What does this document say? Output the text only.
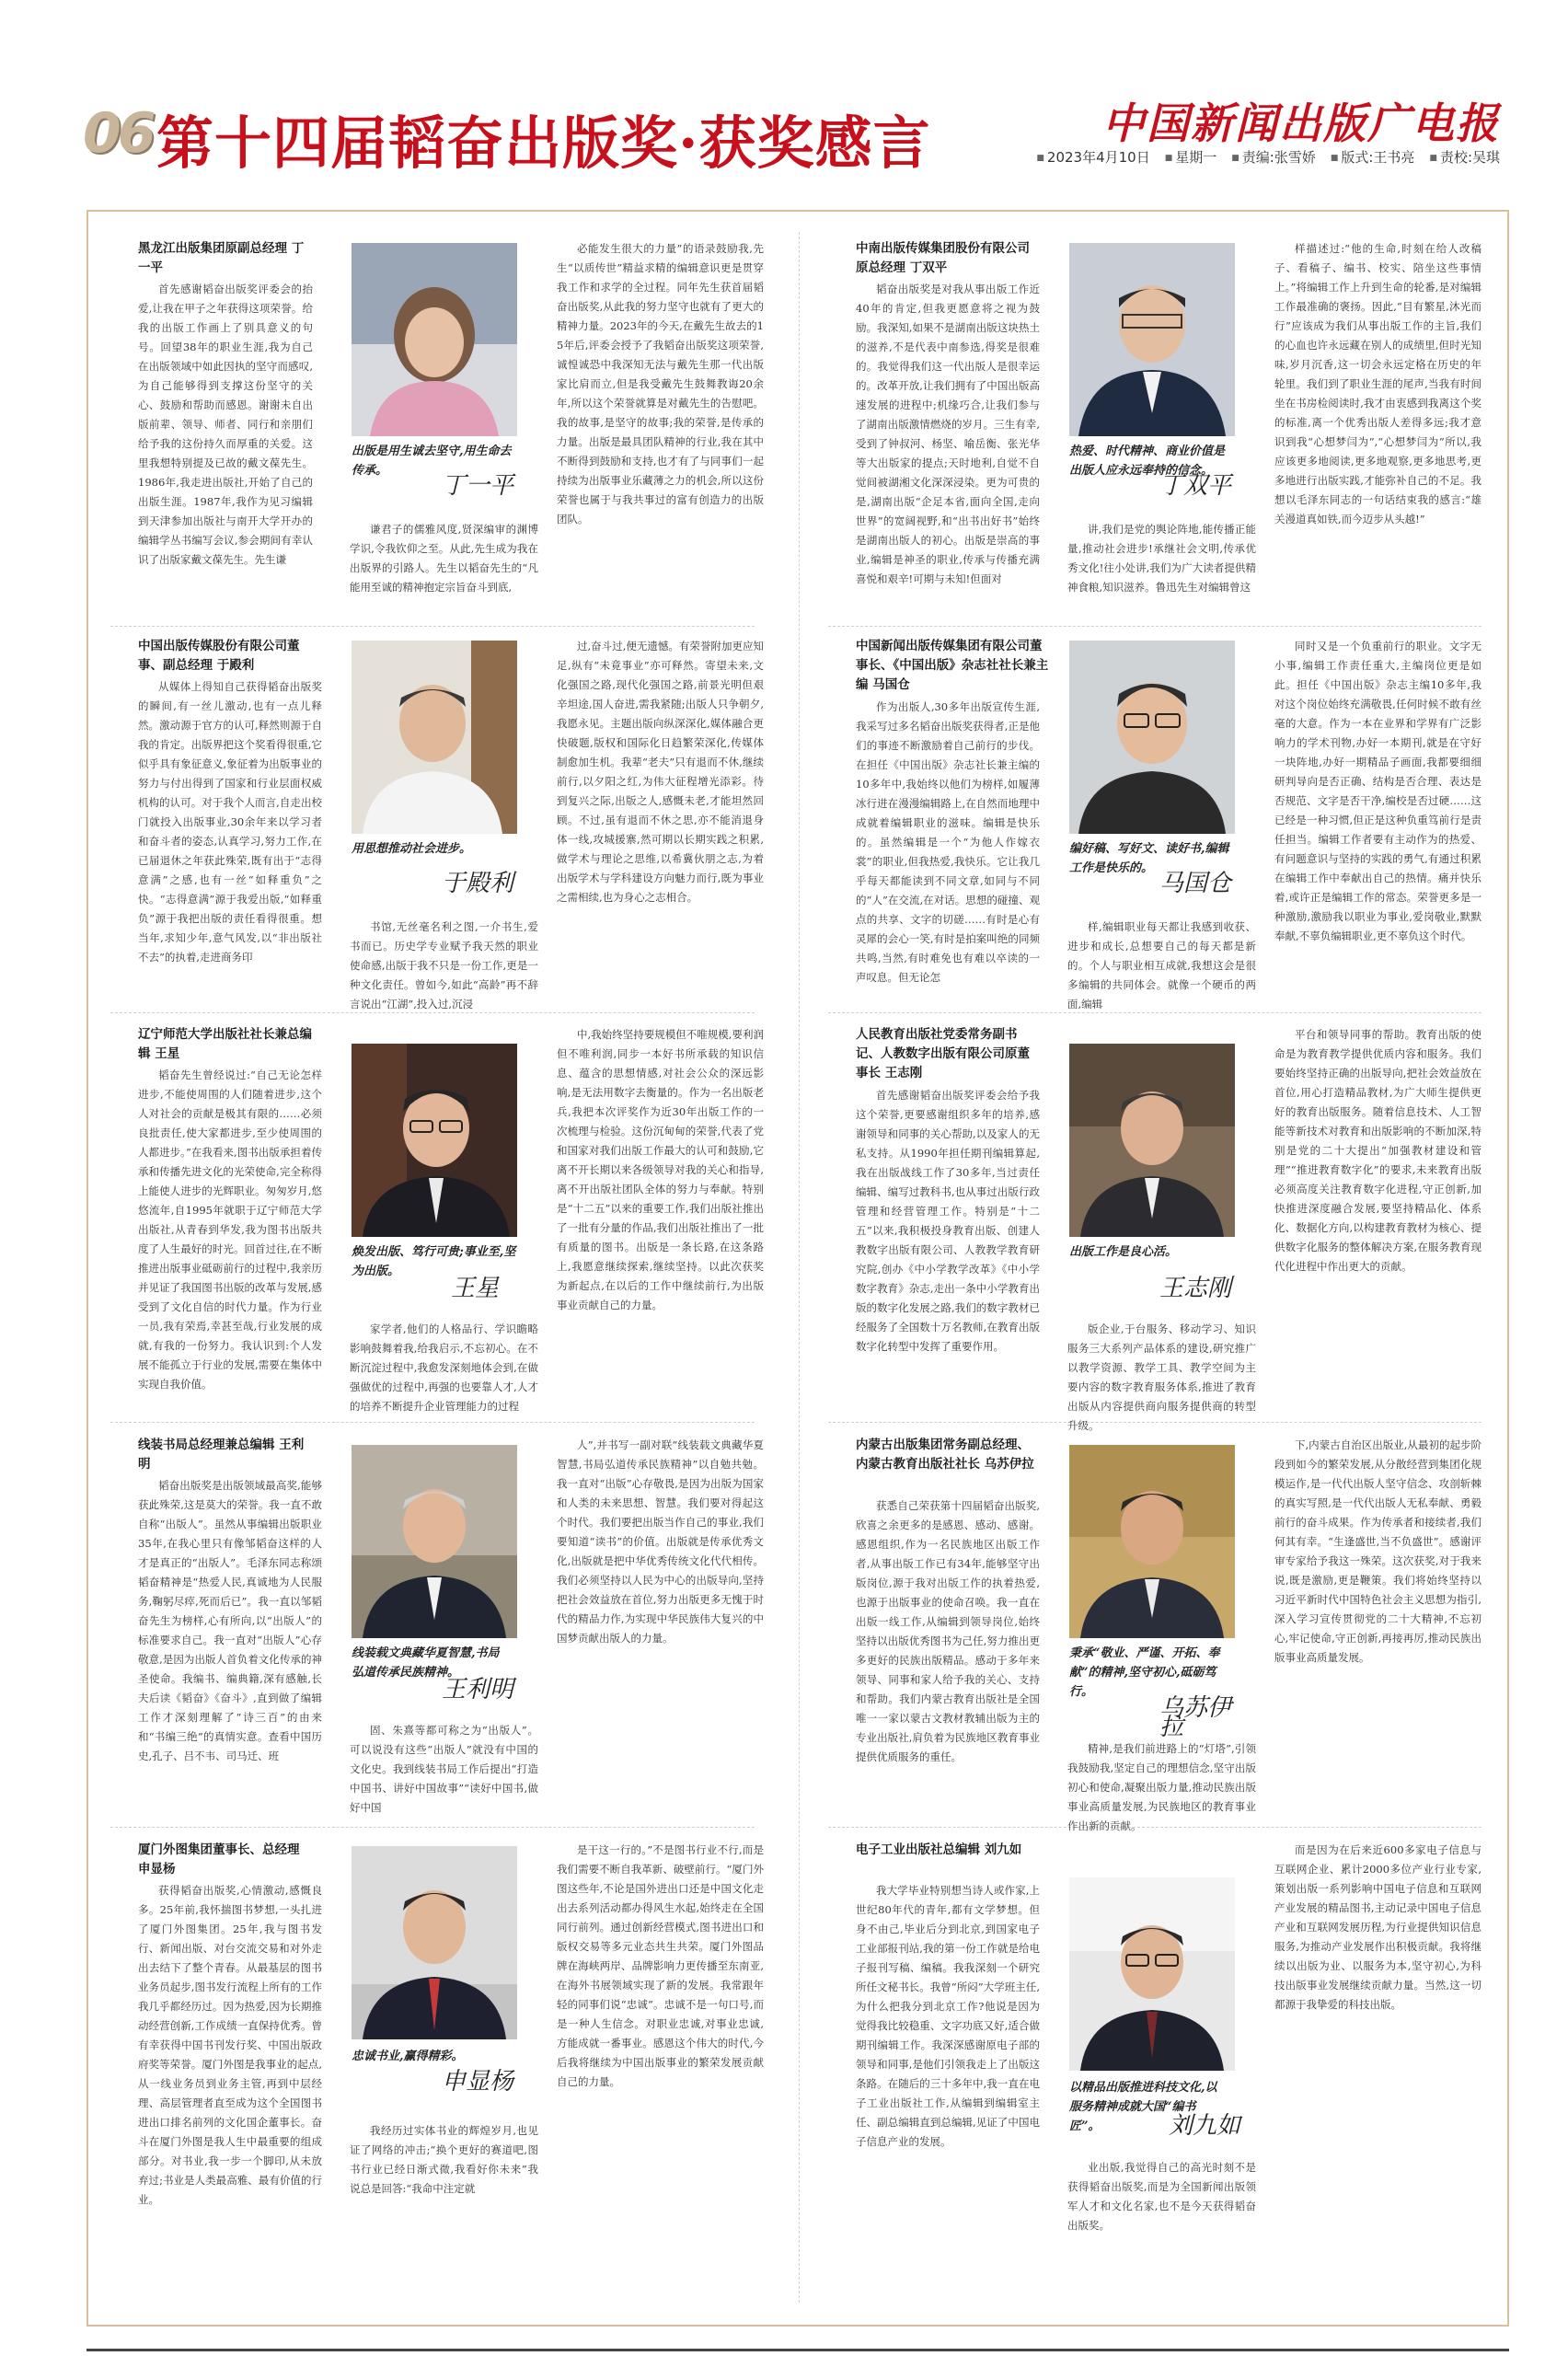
06 第十四届韬奋出版奖·获奖感言	中国新闻出版广电报
■ 2023年4月10日	■ 星期一	■ 责编:张雪娇	■ 版式:王书亮	■ 责校:吴琪
黑龙江出版集团原副总经理 丁一平
首先感谢韬奋出版奖评委会的抬爱,让我在甲子之年获得这项荣誉。给我的出版工作画上了别具意义的句号。回望38年的职业生涯,我为自己在出版领域中如此因执的坚守而感叹,为自己能够得到支撑这份坚守的关心、鼓励和帮助而感恩。谢谢未自出版前辈、领导、师者、同行和亲朋们给予我的这份持久而厚重的关爱。这里我想特别提及已故的戴文葆先生。1986年,我走进出版社,开始了自己的出版生涯。1987年,我作为见习编辑到天津参加出版社与南开大学开办的编辑学丛书编写会议,参会期间有幸认识了出版家戴文葆先生。先生谦
出版是用生诚去坚守,用生命去传承。
丁一平
谦君子的儒雅风度,贤深编审的渊博学识,令我钦仰之至。从此,先生成为我在出版界的引路人。先生以韬奋先生的“凡能用至诚的精神抱定宗旨奋斗到底,
必能发生很大的力量”的语录鼓励我,先生“以质传世”精益求精的编辑意识更是贯穿我工作和求学的全过程。同年先生获首届韬奋出版奖,从此我的努力坚守也就有了更大的精神力量。2023年的今天,在戴先生故去的15年后,评委会授予了我韬奋出版奖这项荣誉,诚惶诚恐中我深知无法与戴先生那一代出版家比肩而立,但是我受戴先生鼓舞教诲20余年,所以这个荣誉就算是对戴先生的告慰吧。我的故事,是坚守的故事;我的荣誉,是传承的力量。出版是最具团队精神的行业,我在其中不断得到鼓励和支持,也才有了与同事们一起持续为出版事业乐藏薄之力的机会,所以这份荣誉也属于与我共事过的富有创造力的出版团队。
中南出版传媒集团股份有限公司原总经理 丁双平
韬奋出版奖是对我从事出版工作近40年的肯定,但我更愿意将之视为鼓励。我深知,如果不是湖南出版这块热土的滋养,不是代表中南参选,得奖是很难的。我觉得我们这一代出版人是很幸运的。改革开放,让我们拥有了中国出版高速发展的进程中;机缘巧合,让我们参与了湖南出版激情燃烧的岁月。三生有幸,受到了钟叔河、杨坚、喻岳衡、张光华等大出版家的提点;天时地利,自觉不自觉间被湖湘文化深深浸染。更为可贵的是,湖南出版“企足本省,面向全国,走向世界”的宽阔视野,和“出书出好书”始终是湖南出版人的初心。出版是崇高的事业,编辑是神圣的职业,传承与传播充满喜悦和艰辛!可期与未知!但面对
热爱、时代精神、商业价值是出版人应永远奉持的信念。
丁双平
讲,我们是党的舆论阵地,能传播正能量,推动社会进步!承继社会文明,传承优秀文化!往小处讲,我们为广大读者提供精神食粮,知识滋养。鲁迅先生对编辑曾这
样描述过:“他的生命,时刻在给人改稿子、看稿子、编书、校实、陪坐这些事情上。”将编辑工作上升到生命的轮番,是对编辑工作最准确的褒扬。因此,“目有繁星,沐光而行”应该成为我们从事出版工作的主旨,我们的心血也许永远藏在别人的成绩里,但时光知味,岁月沉香,这一切会永远定格在历史的年轮里。我们到了职业生涯的尾声,当我有时间坐在书房检阅读时,我才由衷感到我离这个奖的标准,离一个优秀出版人差得多远;我才意识到我“心想梦闫为”,“心想梦闫为”所以,我应该更多地阅读,更多地观察,更多地思考,更多地进行出版实践,才能弥补自己的不足。我想以毛泽东同志的一句话结束我的感言:“雄关漫道真如铁,而今迈步从头越!”
中国出版传媒股份有限公司董事、副总经理 于殿利
从媒体上得知自己获得韬奋出版奖的瞬间,有一丝儿激动,也有一点儿释然。激动源于官方的认可,释然则源于自我的肯定。出版界把这个奖看得很重,它似乎具有象征意义,象征着为出版事业的努力与付出得到了国家和行业层面权威机构的认可。对于我个人而言,自走出校门就投入出版事业,30余年来以学习者和奋斗者的姿态,认真学习,努力工作,在已届退休之年获此殊荣,既有出于“志得意满”之感,也有一丝“如释重负”之快。“志得意满”源于我爱出版,“如释重负”源于我把出版的责任看得很重。想当年,求知少年,意气风发,以“非出版社不去”的执着,走进商务印
用思想推动社会进步。
于殿利
书馆,无丝毫名利之图,一介书生,爱书而已。历史学专业赋予我天然的职业使命感,出版于我不只是一份工作,更是一种文化责任。曾如今,如此“高龄”再不辞言说出“江湖”,投入过,沉浸
过,奋斗过,便无遗憾。有荣誉附加更应知足,纵有“未竟事业”亦可释然。寄望未来,文化强国之路,现代化强国之路,前景光明但艰辛坦途,国人奋进,需我紧随;出版人只争朝夕,我愿永见。主题出版向纵深深化,媒体融合更快破题,版权和国际化日趋繁荣深化,传媒体制愈加生机。我辈“老夫”只有退而不休,继续前行,以夕阳之红,为伟大征程增光添彩。待到复兴之际,出版之人,感慨未老,才能坦然回顾。不过,虽有退而不休之思,亦不能消退身体一线,攻城援寨,然可期以长期实践之积累,做学术与理论之思维,以希冀伙朋之志,为着出版学术与学科建设方向魅力而行,既为事业之需相续,也为身心之志相合。
中国新闻出版传媒集团有限公司董事长、《中国出版》杂志社社长兼主编 马国仓
作为出版人,30多年出版宣传生涯,我采写过多名韬奋出版奖获得者,正是他们的事迹不断激励着自己前行的步伐。在担任《中国出版》杂志社长兼主编的10多年中,我始终以他们为榜样,如履薄冰行进在漫漫编辑路上,在自然而地理中成就着编辑职业的滋味。编辑是快乐的。虽然编辑是一个“为他人作嫁衣裳”的职业,但我热爱,我快乐。它让我几乎每天都能读到不同文章,如同与不同的“人”在交流,在对话。思想的碰撞、观点的共享、文字的切磋……有时是心有灵犀的会心一笑,有时是拍案叫绝的同频共鸣,当然,有时难免也有难以卒读的一声叹息。但无论怎
编好稿、写好文、读好书,编辑工作是快乐的。
马国仓
样,编辑职业每天都让我感到收获、进步和成长,总想要自己的每天都是新的。个人与职业相互成就,我想这会是很多编辑的共同体会。就像一个硬币的两面,编辑
同时又是一个负重前行的职业。文字无小事,编辑工作责任重大,主编岗位更是如此。担任《中国出版》杂志主编10多年,我对这个岗位始终充满敬畏,任何时候不敢有丝毫的大意。作为一本在业界和学界有广泛影响力的学术刊物,办好一本期刊,就是在守好一块阵地,办好一期精品子画面,我都要细细研判导向是否正确、结构是否合理、表达是否规范、文字是否干净,编校是否过硬……这已经是一种习惯,但正是这种负重笃前行是责任担当。编辑工作者要有主动作为的热爱、有问题意识与坚持的实践的勇气,有通过积累在编辑工作中奉献出自己的热情。痛并快乐着,或许正是编辑工作的常态。荣誉更多是一种激励,激励我以职业为事业,爱岗敬业,默默奉献,不辜负编辑职业,更不辜负这个时代。
辽宁师范大学出版社社长兼总编辑 王星
韬奋先生曾经说过:“自己无论怎样进步,不能使周围的人们随着进步,这个人对社会的贡献是极其有限的……必须良批责任,使大家都进步,至少使周围的人都进步。”在我看来,图书出版承担着传承和传播先进文化的光荣使命,完全称得上能使人进步的光辉职业。匆匆岁月,悠悠流年,自1995年就职于辽宁师范大学出版社,从青春到华发,我为图书出版共度了人生最好的时光。回首过往,在不断推进出版事业砥砺前行的过程中,我亲历并见证了我国图书出版的改革与发展,感受到了文化自信的时代力量。作为行业一员,我有荣焉,幸甚至哉,行业发展的成就,有我的一份努力。我认识到:个人发展不能孤立于行业的发展,需要在集体中实现自我价值。
焕发出版、笃行可贵;事业至,坚为出版。
王星
家学者,他们的人格品行、学识瞻略影响鼓舞着我,给我启示,不忘初心。在不断沉淀过程中,我愈发深刻地体会到,在做强做优的过程中,再强的也要靠人才,人才的培养不断提升企业管理能力的过程
中,我始终坚持要规模但不唯规模,要利润但不唯利润,同步一本好书所承载的知识信息、蕴含的思想情感,对社会公众的深远影响,是无法用数字去衡量的。作为一名出版老兵,我把本次评奖作为近30年出版工作的一次梳理与检验。这份沉甸甸的荣誉,代表了党和国家对我们出版工作最大的认可和鼓励,它离不开长期以来各级领导对我的关心和指导,离不开出版社团队全体的努力与奉献。特别是“十二五”以来的重要工作,我们出版社推出了一批有分量的作品,我们出版社推出了一批有质量的图书。出版是一条长路,在这条路上,我愿意继续探索,继续坚持。以此次获奖为新起点,在以后的工作中继续前行,为出版事业贡献自己的力量。
人民教育出版社党委常务副书记、人教数字出版有限公司原董事长 王志刚
首先感谢韬奋出版奖评委会给予我这个荣誉,更要感谢组织多年的培养,感谢领导和同事的关心帮助,以及家人的无私支持。从1990年担任期刊编辑算起,我在出版战线工作了30多年,当过责任编辑、编写过教科书,也从事过出版行政管理和经营管理工作。特别是“十二五”以来,我积极投身教育出版、创建人教数字出版有限公司、人教教学教育研究院,创办《中小学教学改革》《中小学数字教育》杂志,走出一条中小学教育出版的数字化发展之路,我们的数字教材已经服务了全国数十万名教师,在教育出版数字化转型中发挥了重要作用。
出版工作是良心活。
王志刚
版企业,于台服务、移动学习、知识服务三大系列产品体系的建设,研究推广以教学资源、教学工具、教学空间为主要内容的数字教育服务体系,推进了教育出版从内容提供商向服务提供商的转型升级。
平台和领导同事的帮助。教育出版的使命是为教育教学提供优质内容和服务。我们要始终坚持正确的出版导向,把社会效益放在首位,用心打造精品教材,为广大师生提供更好的教育出版服务。随着信息技术、人工智能等新技术对教育和出版影响的不断加深,特别是党的二十大提出“加强教材建设和管理”“推进教育数字化”的要求,未来教育出版必须高度关注教育数字化进程,守正创新,加快推进深度融合发展,要坚持精品化、体系化、数据化方向,以构建教育教材为核心、提供数字化服务的整体解决方案,在服务教育现代化进程中作出更大的贡献。
线装书局总经理兼总编辑 王利明
韬奋出版奖是出版领域最高奖,能够获此殊荣,这是莫大的荣誉。我一直不敢自称“出版人”。虽然从事编辑出版职业35年,在我心里只有像邹韬奋这样的人才是真正的“出版人”。毛泽东同志称颂韬奋精神是“热爱人民,真诚地为人民服务,鞠躬尽瘁,死而后已”。我一直以邹韬奋先生为榜样,心有所向,以“出版人”的标准要求自己。我一直对“出版人”心存敬意,是因为出版人首负着文化传承的神圣使命。我编书、编典籍,深有感触,长夫后读《韬奋》《奋斗》,直到做了编辑工作才深刻理解了“诗三百”的由来和“书编三绝”的真情实意。查看中国历史,孔子、吕不韦、司马迁、班
线装载文典藏华夏智慧,书局弘道传承民族精神。
王利明
固、朱熹等都可称之为“出版人”。可以说没有这些“出版人”就没有中国的文化史。我到线装书局工作后提出“打造中国书、讲好中国故事”“读好中国书,做好中国
人”,并书写一副对联“线装载文典藏华夏智慧,书局弘道传承民族精神”以自勉共勉。我一直对“出版”心存敬畏,是因为出版为国家和人类的未来思想、智慧。我们要对得起这个时代。我们要把出版当作自己的事业,我们要知道“读书”的价值。出版就是传承优秀文化,出版就是把中华优秀传统文化代代相传。我们必须坚持以人民为中心的出版导向,坚持把社会效益放在首位,努力出版更多无愧于时代的精品力作,为实现中华民族伟大复兴的中国梦贡献出版人的力量。
内蒙古出版集团常务副总经理、内蒙古教育出版社社长 乌苏伊拉
获悉自己荣获第十四届韬奋出版奖,欣喜之余更多的是感恩、感动、感谢。感恩组织,作为一名民族地区出版工作者,从事出版工作已有34年,能够坚守出版岗位,源于我对出版工作的执着热爱,也源于出版事业的使命召唤。我一直在出版一线工作,从编辑到领导岗位,始终坚持以出版优秀图书为己任,努力推出更多更好的民族出版精品。感动于多年来领导、同事和家人给予我的关心、支持和帮助。我们内蒙古教育出版社是全国唯一一家以蒙古文教材教辅出版为主的专业出版社,肩负着为民族地区教育事业提供优质服务的重任。
秉承“敬业、严谨、开拓、奉献”的精神,坚守初心,砥砺笃行。
乌苏伊拉
精神,是我们前进路上的“灯塔”,引领我鼓励我,坚定自己的理想信念,坚守出版初心和使命,凝聚出版力量,推动民族出版事业高质量发展,为民族地区的教育事业作出新的贡献。
下,内蒙古自治区出版业,从最初的起步阶段到如今的繁荣发展,从分散经营到集团化规模运作,是一代代出版人坚守信念、攻剖斩棘的真实写照,是一代代出版人无私奉献、勇毅前行的奋斗成果。作为传承者和接续者,我们何其有幸。“生逢盛世,当不负盛世”。感谢评审专家给予我这一殊荣。这次获奖,对于我来说,既是激励,更是鞭策。我们将始终坚持以习近平新时代中国特色社会主义思想为指引,深入学习宣传贯彻党的二十大精神,不忘初心,牢记使命,守正创新,再接再厉,推动民族出版事业高质量发展。
厦门外图集团董事长、总经理 申显杨
获得韬奋出版奖,心情激动,感慨良多。25年前,我怀揣图书梦想,一头扎进了厦门外图集团。25年,我与图书发行、新闻出版、对台交流交易和对外走出去结下了整个青春。从最基层的图书业务员起步,图书发行流程上所有的工作我几乎都经历过。因为热爱,因为长期推动经营创新,工作成绩一直保持优秀。曾有幸获得中国书刊发行奖、中国出版政府奖等荣誉。厦门外图是我事业的起点,从一线业务员到业务主管,再到中层经理、高层管理者直至成为这个全国图书进出口排名前列的文化国企董事长。奋斗在厦门外图是我人生中最重要的组成部分。对书业,我一步一个脚印,从未放弃过;书业是人类最高雅、最有价值的行业。
忠诚书业,赢得精彩。
申显杨
我经历过实体书业的辉煌岁月,也见证了网络的冲击;“换个更好的赛道吧,图书行业已经日渐式微,我看好你未来”我说总是回答:“我命中注定就
是干这一行的。”不是图书行业不行,而是我们需要不断自我革新、破壁前行。“厦门外图这些年,不论是国外进出口还是中国文化走出去系列活动都办得风生水起,始终走在全国同行前列。通过创新经营模式,图书进出口和版权交易等多元业态共生共荣。厦门外图品牌在海峡两岸、品牌影响力更传播至东南亚,在海外书展领域实现了新的发展。我常跟年轻的同事们说“忠诚”。忠诚不是一句口号,而是一种人生信念。对职业忠诚,对事业忠诚,方能成就一番事业。感恩这个伟大的时代,今后我将继续为中国出版事业的繁荣发展贡献自己的力量。
电子工业出版社总编辑 刘九如
我大学毕业特别想当诗人或作家,上世纪80年代的青年,都有文学梦想。但身不由己,毕业后分到北京,到国家电子工业部报刊站,我的第一份工作就是给电子报刊写稿、编稿。我我深刻一个研究所任文秘书长。我曾“所闷”大学班主任,为什么把我分到北京工作?他说是因为觉得我比较稳重、文字功底又好,适合做期刊编辑工作。我深深感谢原电子部的领导和同事,是他们引领我走上了出版这条路。在随后的三十多年中,我一直在电子工业出版社工作,从编辑到编辑室主任、副总编辑直到总编辑,见证了中国电子信息产业的发展。
以精品出版推进科技文化,以服务精神成就大国“编书匠”。	刘九如
业出版,我觉得自己的高光时刻不是获得韬奋出版奖,而是为全国新闻出版领军人才和文化名家,也不是今天获得韬奋出版奖。
而是因为在后来近600多家电子信息与互联网企业、累计2000多位产业行业专家,策划出版一系列影响中国电子信息和互联网产业发展的精品图书,主动记录中国电子信息产业和互联网发展历程,为行业提供知识信息服务,为推动产业发展作出积极贡献。我将继续以出版为业、以服务为本,坚守初心,为科技出版事业发展继续贡献力量。当然,这一切都源于我挚爱的科技出版。
